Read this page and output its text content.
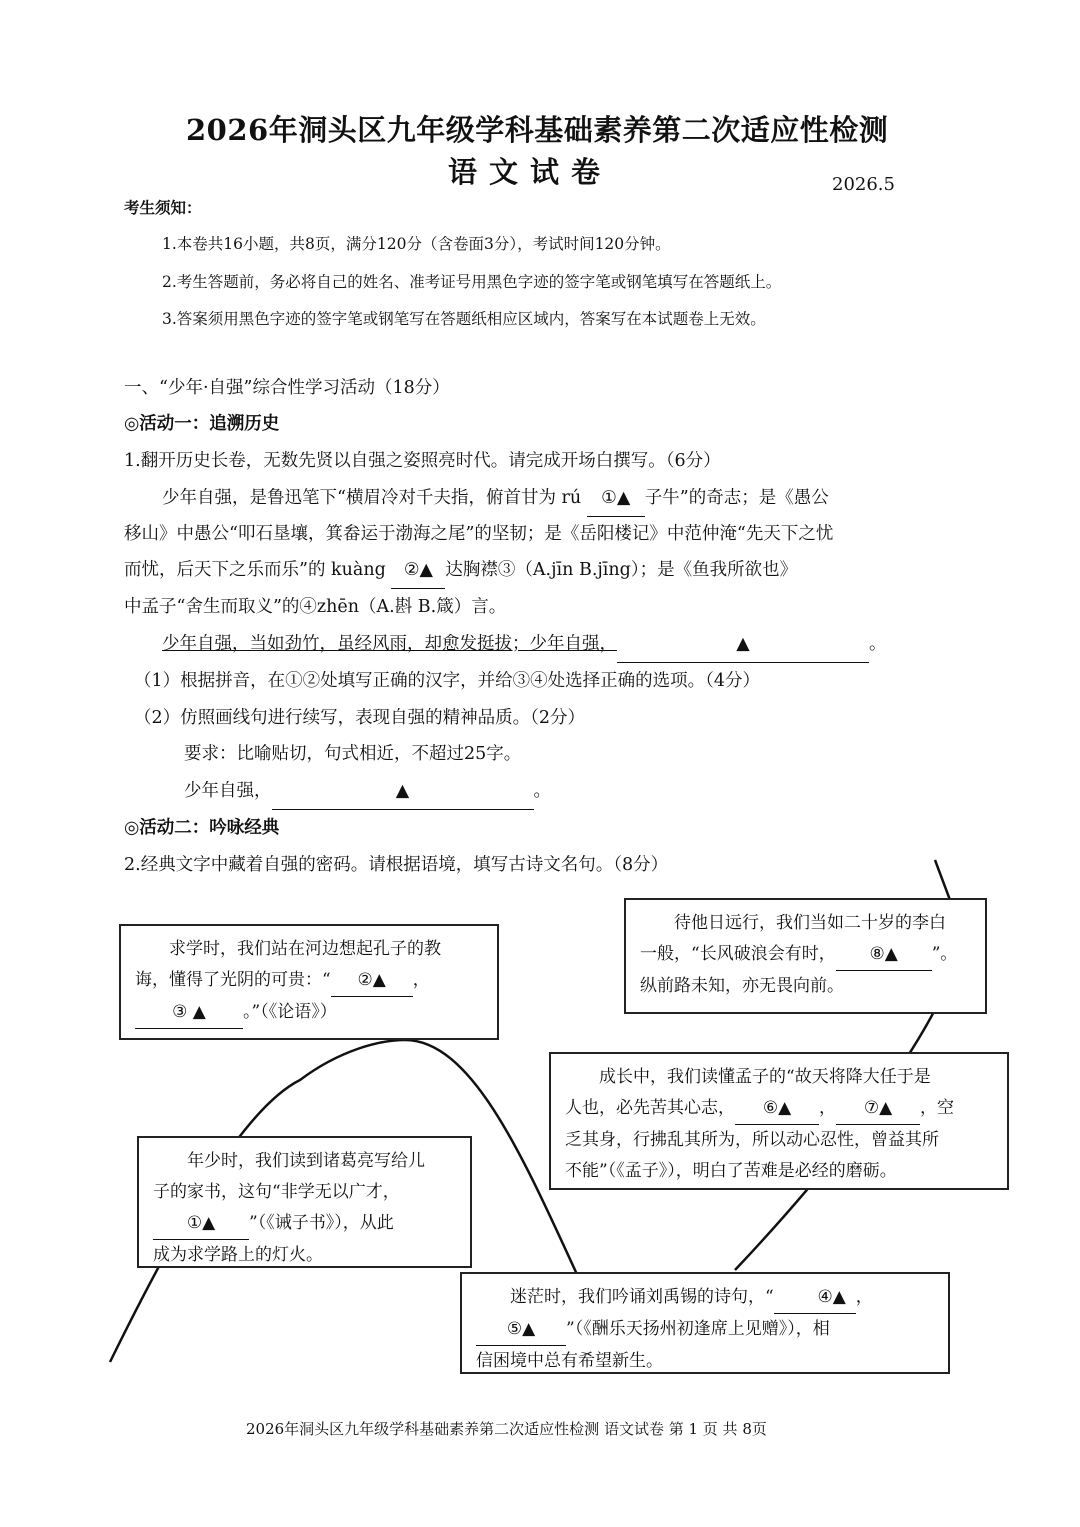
2026年洞头区九年级学科基础素养第二次适应性检测
语文试卷	2026.5
考生须知：
1.本卷共16小题，共8页，满分120分（含卷面3分），考试时间120分钟。
2.考生答题前，务必将自己的姓名、准考证号用黑色字迹的签字笔或钢笔填写在答题纸上。
3.答案须用黑色字迹的签字笔或钢笔写在答题纸相应区域内，答案写在本试题卷上无效。
一、“少年·自强”综合性学习活动（18分）
◎活动一：追溯历史
1.翻开历史长卷，无数先贤以自强之姿照亮时代。请完成开场白撰写。（6分）
少年自强，是鲁迅笔下“横眉冷对千夫指，俯首甘为 rú ①▲ 子牛”的奇志；是《愚公
移山》中愚公“叩石垦壤，箕畚运于渤海之尾”的坚韧；是《岳阳楼记》中范仲淹“先天下之忧
而忧，后天下之乐而乐”的 kuàng ②▲ 达胸襟③（A.jīn B.jīng）；是《鱼我所欲也》
中孟子“舍生而取义”的④zhēn（A.斟 B.箴）言。
少年自强，当如劲竹，虽经风雨，却愈发挺拔；少年自强，	▲	。
（1）根据拼音，在①②处填写正确的汉字，并给③④处选择正确的选项。（4分）
（2）仿照画线句进行续写，表现自强的精神品质。（2分）
要求：比喻贴切，句式相近，不超过25字。
少年自强，	▲	。
◎活动二：吟咏经典
2.经典文字中藏着自强的密码。请根据语境，填写古诗文名句。（8分）

求学时，我们站在河边想起孔子的教

诲，懂得了光阴的可贵：“ ②▲ ，

③ ▲ 。”（《论语》）

年少时，我们读到诸葛亮写给儿

子的家书，这句“非学无以广才，

①▲ ”（《诫子书》），从此

成为求学路上的灯火。

待他日远行，我们当如二十岁的李白

一般，“长风破浪会有时， ⑧▲ ”。

纵前路未知，亦无畏向前。

成长中，我们读懂孟子的“故天将降大任于是

人也，必先苦其心志， ⑥▲ ， ⑦▲ ，空

乏其身，行拂乱其所为，所以动心忍性，曾益其所

不能”（《孟子》），明白了苦难是必经的磨砺。

迷茫时，我们吟诵刘禹锡的诗句，“	④▲ ，

⑤▲ ”（《酬乐天扬州初逢席上见赠》），相

信困境中总有希望新生。

2026年洞头区九年级学科基础素养第二次适应性检测 语文试卷 第 1 页 共 8页
